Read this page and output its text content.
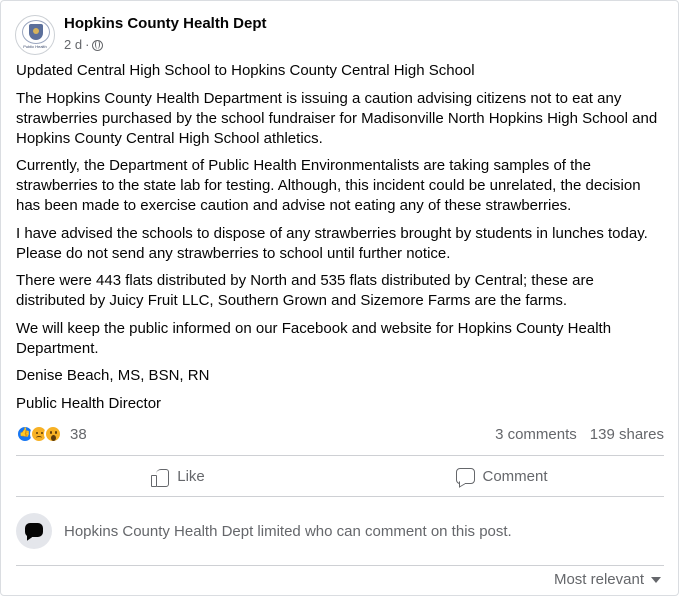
Public Health
Hopkins County Health Dept
2 d ·

Updated Central High School to Hopkins County Central High School

The Hopkins County Health Department is issuing a caution advising citizens not to eat any strawberries purchased by the school fundraiser for Madisonville North Hopkins High School and Hopkins County Central High School athletics.

Currently, the Department of Public Health Environmentalists are taking samples of the strawberries to the state lab for testing. Although, this incident could be unrelated, the decision has been made to exercise caution and advise not eating any of these strawberries.

I have advised the schools to dispose of any strawberries brought by students in lunches today. Please do not send any strawberries to school until further notice.

There were 443 flats distributed by North and 535 flats distributed by Central; these are distributed by Juicy Fruit LLC, Southern Grown and Sizemore Farms are the farms.

We will keep the public informed on our Facebook and website for Hopkins County Health Department.

Denise Beach, MS, BSN, RN

Public Health Director

👍
38	3 comments 139 shares
Like	Comment
Hopkins County Health Dept limited who can comment on this post.
Most relevant
